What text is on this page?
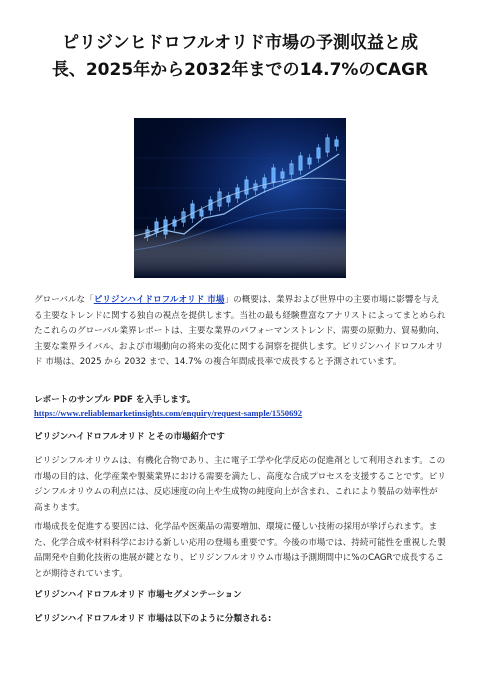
ピリジンヒドロフルオリド市場の予測収益と成
長、2025年から2032年までの14.7%のCAGR

グローバルな「ピリジンハイドロフルオリド 市場」の概要は、業界および世界中の主要市場に影響を与える主要なトレンドに関する独自の視点を提供します。当社の最も経験豊富なアナリストによってまとめられたこれらのグローバル業界レポートは、主要な業界のパフォーマンストレンド、需要の原動力、貿易動向、主要な業界ライバル、および市場動向の将来の変化に関する洞察を提供します。ピリジンハイドロフルオリド 市場は、2025 から 2032 まで、14.7% の複合年間成長率で成長すると予測されています。

レポートのサンプル PDF を入手します。
https://www.reliablemarketinsights.com/enquiry/request-sample/1550692

ピリジンハイドロフルオリド とその市場紹介です

ピリジンフルオリウムは、有機化合物であり、主に電子工学や化学反応の促進剤として利用されます。この市場の目的は、化学産業や製薬業界における需要を満たし、高度な合成プロセスを支援することです。ピリジンフルオリウムの利点には、反応速度の向上や生成物の純度向上が含まれ、これにより製品の効率性が高まります。

市場成長を促進する要因には、化学品や医薬品の需要増加、環境に優しい技術の採用が挙げられます。また、化学合成や材料科学における新しい応用の登場も重要です。今後の市場では、持続可能性を重視した製品開発や自動化技術の進展が鍵となり、ピリジンフルオリウム市場は予測期間中に%のCAGRで成長することが期待されています。

ピリジンハイドロフルオリド 市場セグメンテーション

ピリジンハイドロフルオリド 市場は以下のように分類される:
